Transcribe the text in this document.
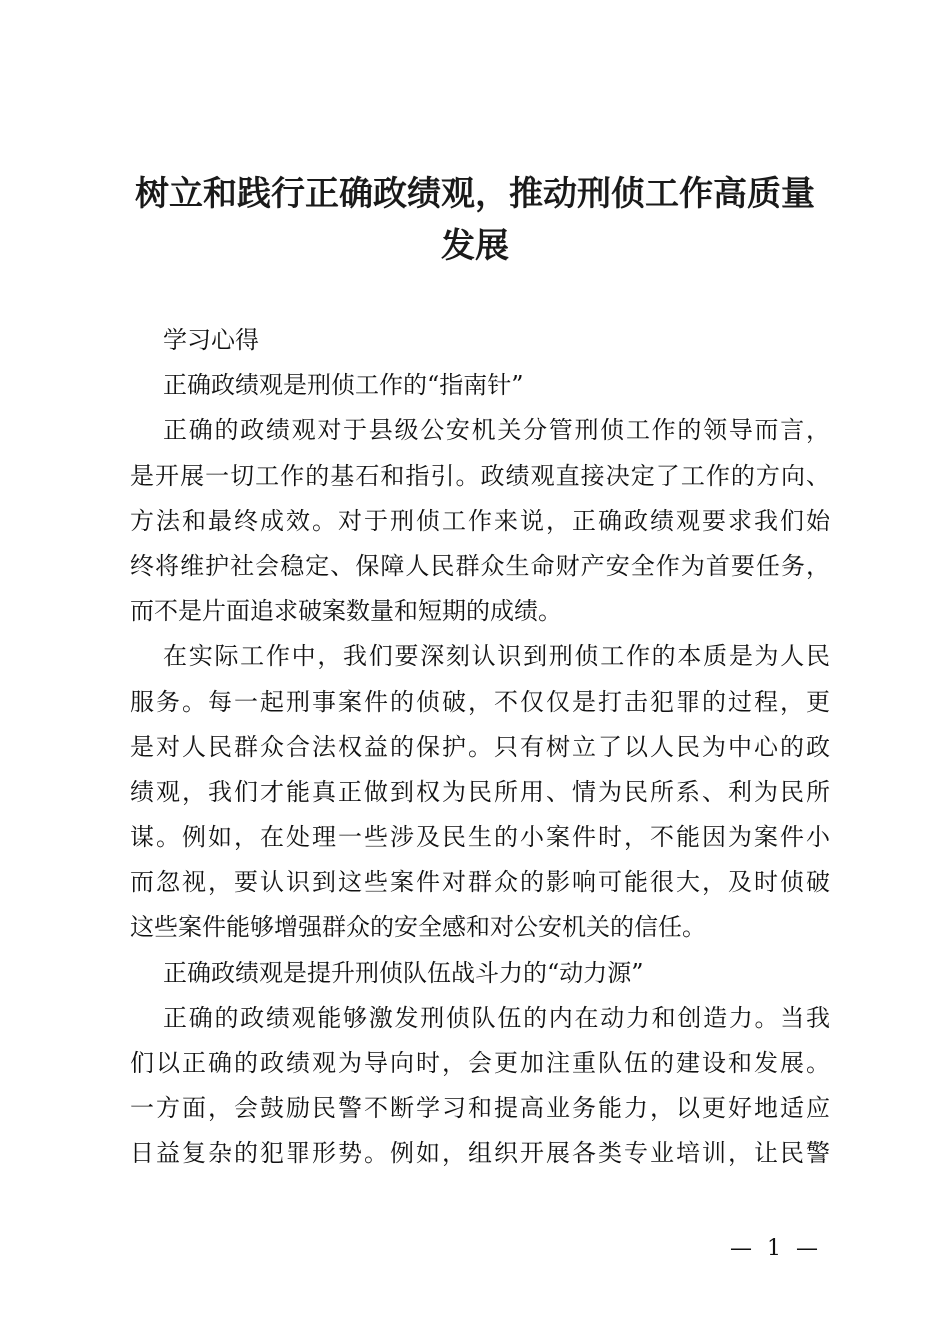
树立和践行正确政绩观，推动刑侦工作高质量
发展
学习心得
正确政绩观是刑侦工作的“指南针”
正确的政绩观对于县级公安机关分管刑侦工作的领导而言，
是开展一切工作的基石和指引。政绩观直接决定了工作的方向、
方法和最终成效。对于刑侦工作来说，正确政绩观要求我们始
终将维护社会稳定、保障人民群众生命财产安全作为首要任务，
而不是片面追求破案数量和短期的成绩。
在实际工作中，我们要深刻认识到刑侦工作的本质是为人民
服务。每一起刑事案件的侦破，不仅仅是打击犯罪的过程，更
是对人民群众合法权益的保护。只有树立了以人民为中心的政
绩观，我们才能真正做到权为民所用、情为民所系、利为民所
谋。例如，在处理一些涉及民生的小案件时，不能因为案件小
而忽视，要认识到这些案件对群众的影响可能很大，及时侦破
这些案件能够增强群众的安全感和对公安机关的信任。
正确政绩观是提升刑侦队伍战斗力的“动力源”
正确的政绩观能够激发刑侦队伍的内在动力和创造力。当我
们以正确的政绩观为导向时，会更加注重队伍的建设和发展。
一方面，会鼓励民警不断学习和提高业务能力，以更好地适应
日益复杂的犯罪形势。例如，组织开展各类专业培训，让民警
— 1 —
